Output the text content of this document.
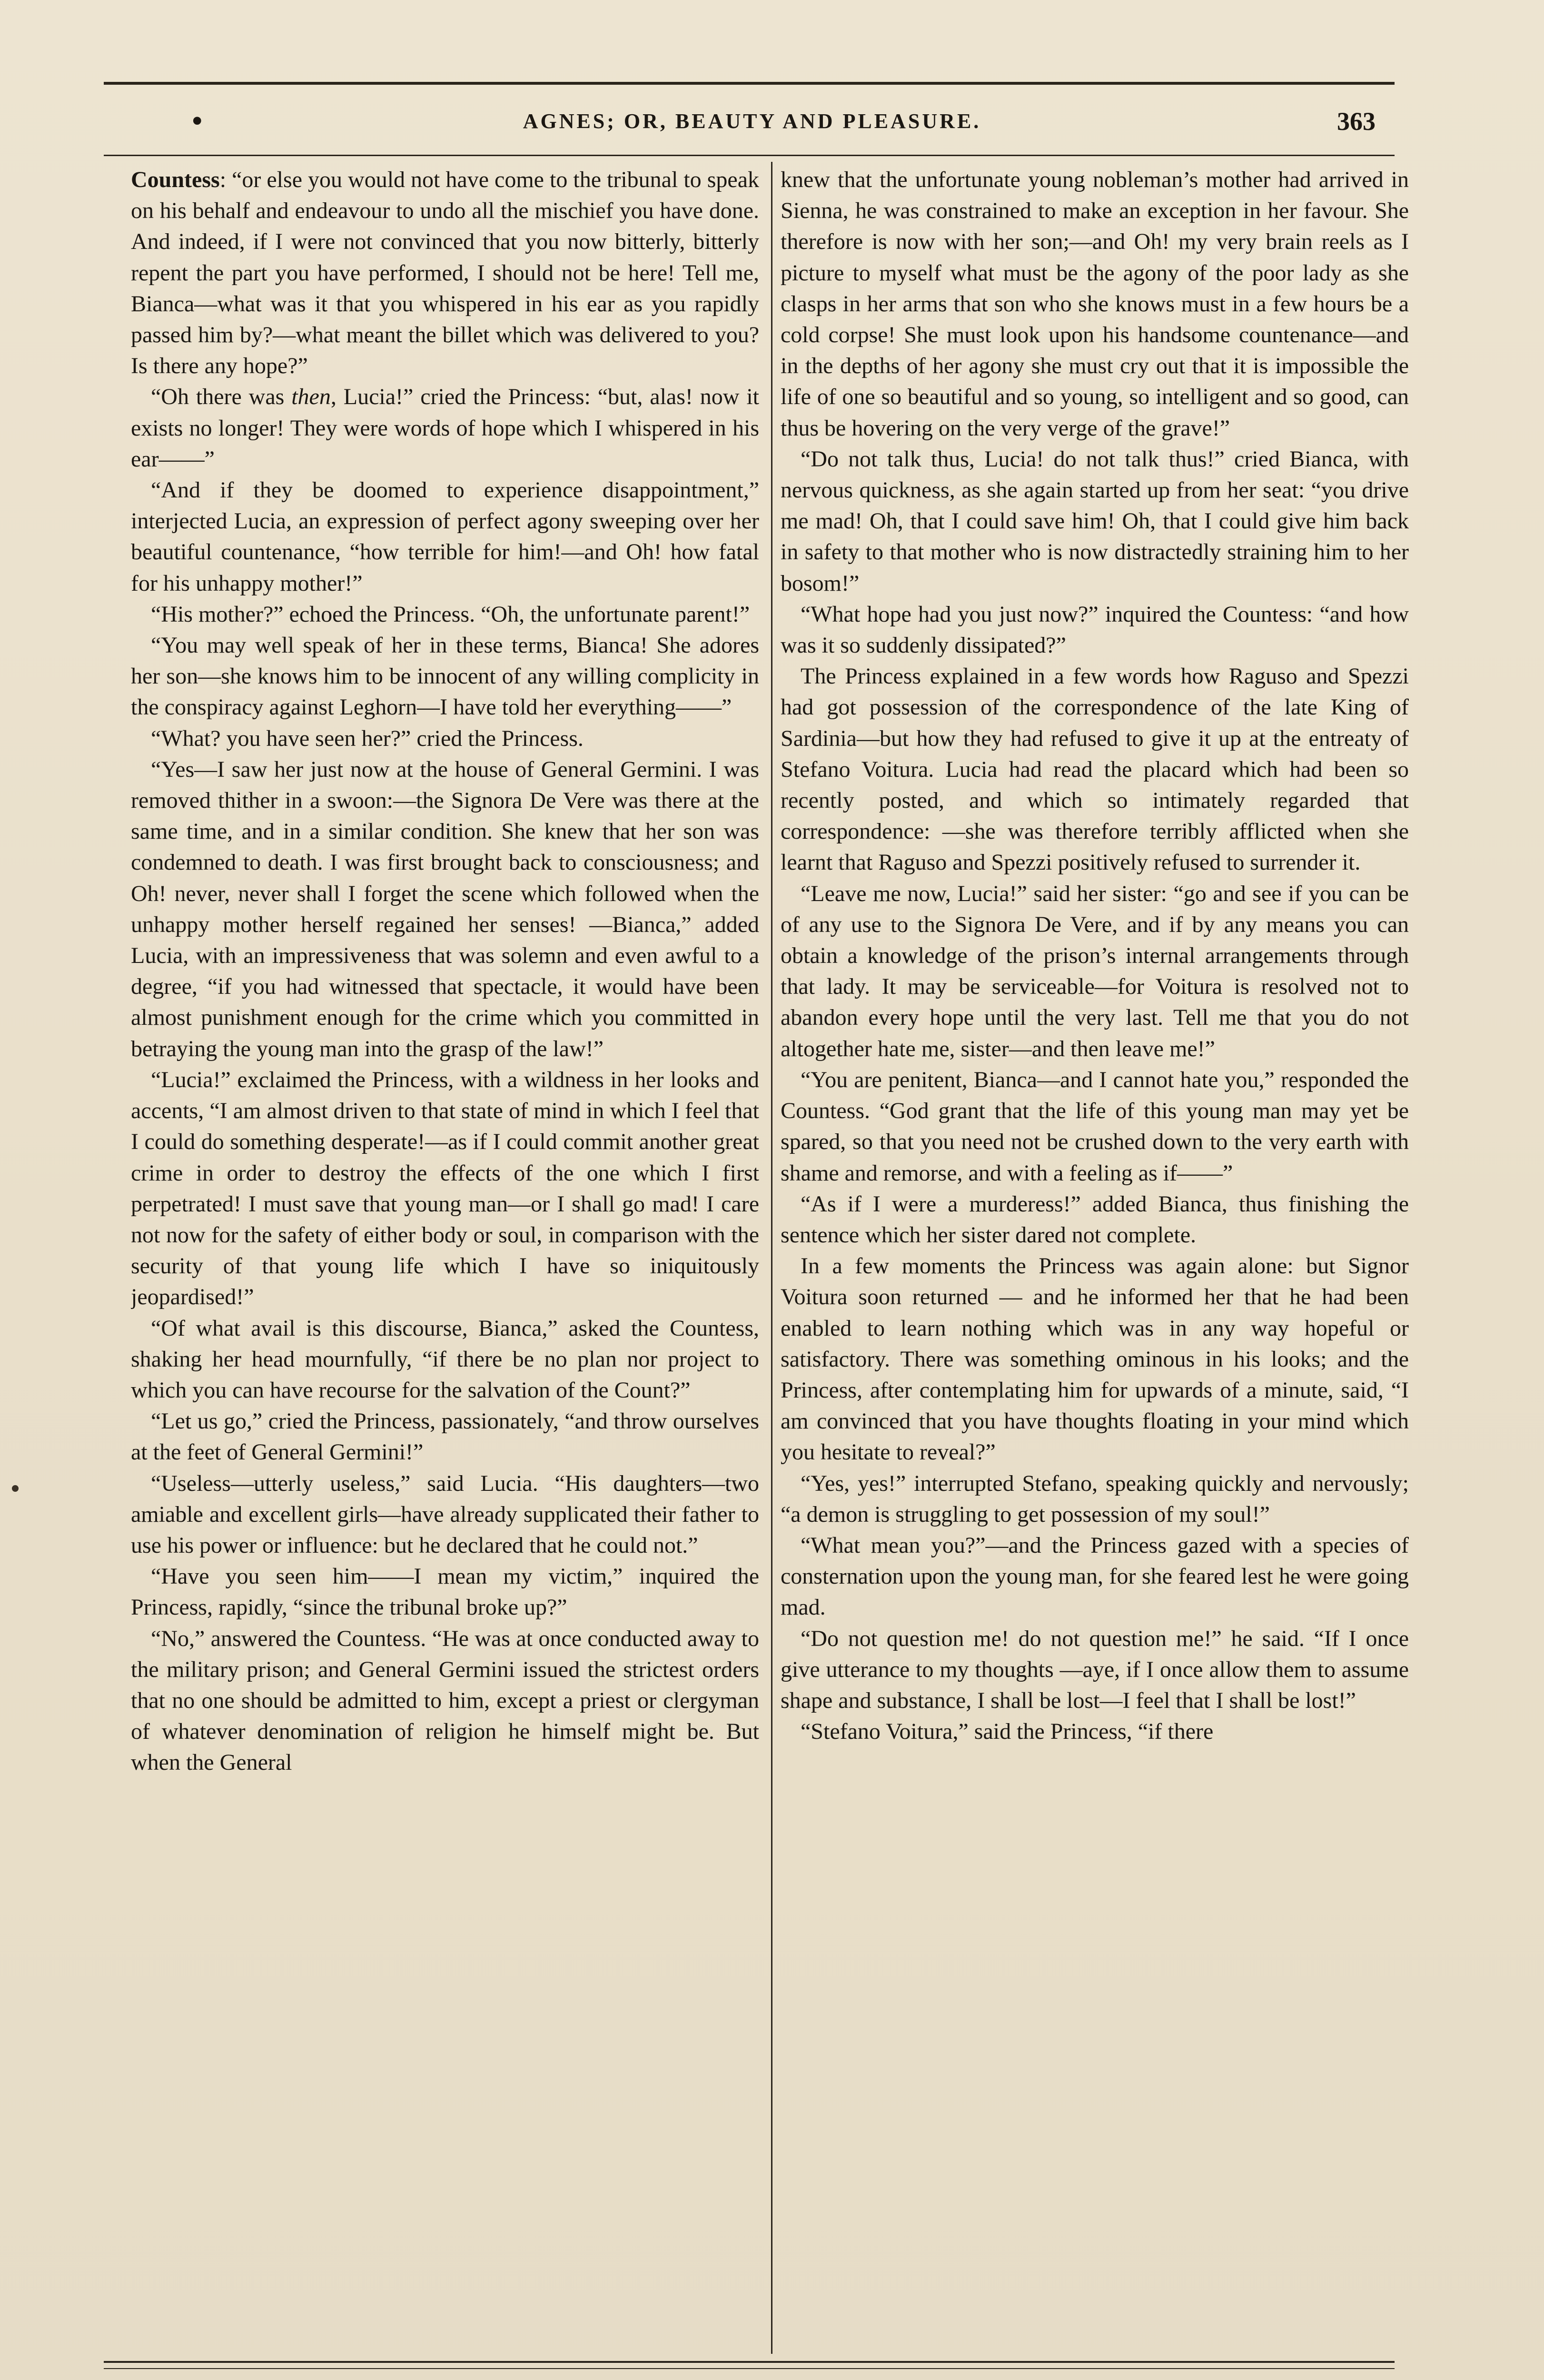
•	AGNES; OR, BEAUTY AND PLEASURE.	363

Countess: “or else you would not have come to the tribunal to speak on his behalf and endeavour to undo all the mischief you have done. And indeed, if I were not convinced that you now bitterly, bitterly repent the part you have performed, I should not be here! Tell me, Bianca—what was it that you whispered in his ear as you rapidly passed him by?—what meant the billet which was delivered to you? Is there any hope?”

“Oh there was then, Lucia!” cried the Princess: “but, alas! now it exists no longer! They were words of hope which I whispered in his ear——”

“And if they be doomed to experience disappointment,” interjected Lucia, an expression of perfect agony sweeping over her beautiful countenance, “how terrible for him!—and Oh! how fatal for his unhappy mother!”

“His mother?” echoed the Princess. “Oh, the unfortunate parent!”

“You may well speak of her in these terms, Bianca! She adores her son—she knows him to be innocent of any willing complicity in the conspiracy against Leghorn—I have told her everything——”

“What? you have seen her?” cried the Princess.

“Yes—I saw her just now at the house of General Germini. I was removed thither in a swoon:—the Signora De Vere was there at the same time, and in a similar condition. She knew that her son was condemned to death. I was first brought back to consciousness; and Oh! never, never shall I forget the scene which followed when the unhappy mother herself regained her senses! —Bianca,” added Lucia, with an impressiveness that was solemn and even awful to a degree, “if you had witnessed that spectacle, it would have been almost punishment enough for the crime which you committed in betraying the young man into the grasp of the law!”

“Lucia!” exclaimed the Princess, with a wildness in her looks and accents, “I am almost driven to that state of mind in which I feel that I could do something desperate!—as if I could commit another great crime in order to destroy the effects of the one which I first perpetrated! I must save that young man—or I shall go mad! I care not now for the safety of either body or soul, in comparison with the security of that young life which I have so iniquitously jeopardised!”

“Of what avail is this discourse, Bianca,” asked the Countess, shaking her head mournfully, “if there be no plan nor project to which you can have recourse for the salvation of the Count?”

“Let us go,” cried the Princess, passionately, “and throw ourselves at the feet of General Germini!”

“Useless—utterly useless,” said Lucia. “His daughters—two amiable and excellent girls—have already supplicated their father to use his power or influence: but he declared that he could not.”

“Have you seen him——I mean my victim,” inquired the Princess, rapidly, “since the tribunal broke up?”

“No,” answered the Countess. “He was at once conducted away to the military prison; and General Germini issued the strictest orders that no one should be admitted to him, except a priest or clergyman of whatever denomination of religion he himself might be. But when the General

knew that the unfortunate young nobleman’s mother had arrived in Sienna, he was constrained to make an exception in her favour. She therefore is now with her son;—and Oh! my very brain reels as I picture to myself what must be the agony of the poor lady as she clasps in her arms that son who she knows must in a few hours be a cold corpse! She must look upon his handsome countenance—and in the depths of her agony she must cry out that it is impossible the life of one so beautiful and so young, so intelligent and so good, can thus be hovering on the very verge of the grave!”

“Do not talk thus, Lucia! do not talk thus!” cried Bianca, with nervous quickness, as she again started up from her seat: “you drive me mad! Oh, that I could save him! Oh, that I could give him back in safety to that mother who is now distractedly straining him to her bosom!”

“What hope had you just now?” inquired the Countess: “and how was it so suddenly dissipated?”

The Princess explained in a few words how Raguso and Spezzi had got possession of the correspondence of the late King of Sardinia—but how they had refused to give it up at the entreaty of Stefano Voitura. Lucia had read the placard which had been so recently posted, and which so intimately regarded that correspondence: —she was therefore terribly afflicted when she learnt that Raguso and Spezzi positively refused to surrender it.

“Leave me now, Lucia!” said her sister: “go and see if you can be of any use to the Signora De Vere, and if by any means you can obtain a knowledge of the prison’s internal arrangements through that lady. It may be serviceable—for Voitura is resolved not to abandon every hope until the very last. Tell me that you do not altogether hate me, sister—and then leave me!”

“You are penitent, Bianca—and I cannot hate you,” responded the Countess. “God grant that the life of this young man may yet be spared, so that you need not be crushed down to the very earth with shame and remorse, and with a feeling as if——”

“As if I were a murderess!” added Bianca, thus finishing the sentence which her sister dared not complete.

In a few moments the Princess was again alone: but Signor Voitura soon returned — and he informed her that he had been enabled to learn nothing which was in any way hopeful or satisfactory. There was something ominous in his looks; and the Princess, after contemplating him for upwards of a minute, said, “I am convinced that you have thoughts floating in your mind which you hesitate to reveal?”

“Yes, yes!” interrupted Stefano, speaking quickly and nervously; “a demon is struggling to get possession of my soul!”

“What mean you?”—and the Princess gazed with a species of consternation upon the young man, for she feared lest he were going mad.

“Do not question me! do not question me!” he said. “If I once give utterance to my thoughts —aye, if I once allow them to assume shape and substance, I shall be lost—I feel that I shall be lost!”

“Stefano Voitura,” said the Princess, “if there
